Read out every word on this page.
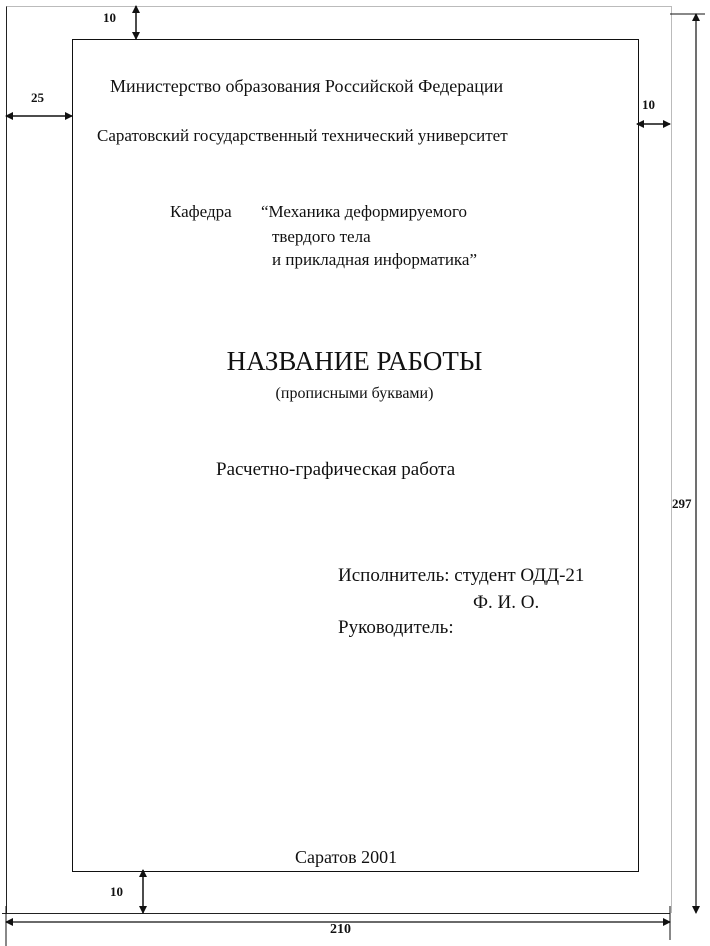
10
25	10
10
297
210
Министерство образования Российской Федерации
Саратовский государственный технический университет
Кафедра “Механика деформируемого
твердого тела
и прикладная информатика”
НАЗВАНИЕ РАБОТЫ
(прописными буквами)
Расчетно-графическая работа
Исполнитель: студент ОДД-21
Ф. И. О.
Руководитель:
Саратов 2001
